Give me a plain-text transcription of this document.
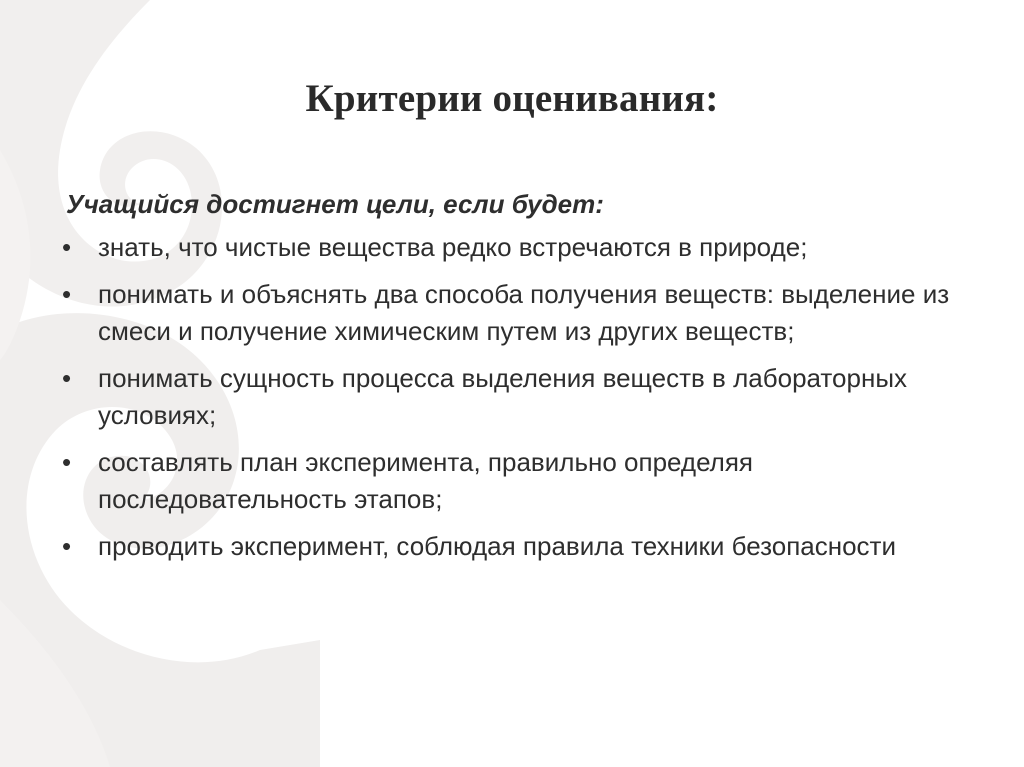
Критерии оценивания:
Учащийся достигнет цели, если будет:
• знать, что чистые вещества редко встречаются в природе;
• понимать и объяснять два способа получения веществ: выделение из смеси и получение химическим путем из других веществ;
• понимать сущность процесса выделения веществ в лабораторных условиях;
• составлять план эксперимента, правильно определяя последовательность этапов;
• проводить эксперимент, соблюдая правила техники безопасности
